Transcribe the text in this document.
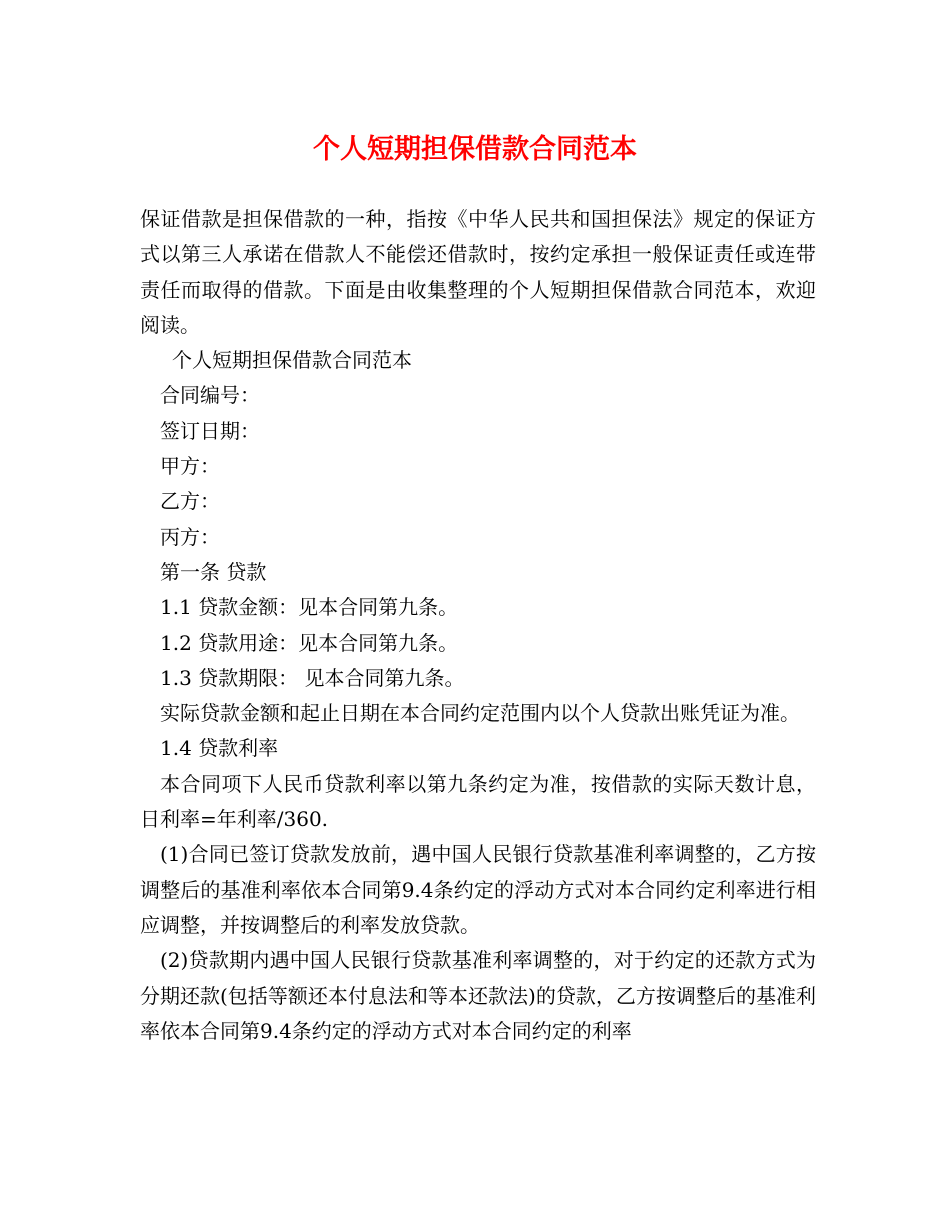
个人短期担保借款合同范本

保证借款是担保借款的一种，指按《中华人民共和国担保法》规定的保证方式以第三人承诺在借款人不能偿还借款时，按约定承担一般保证责任或连带责任而取得的借款。下面是由收集整理的个人短期担保借款合同范本，欢迎阅读。

个人短期担保借款合同范本

合同编号：

签订日期：

甲方：

乙方：

丙方：

第一条 贷款

1.1 贷款金额：见本合同第九条。

1.2 贷款用途：见本合同第九条。

1.3 贷款期限： 见本合同第九条。

实际贷款金额和起止日期在本合同约定范围内以个人贷款出账凭证为准。

1.4 贷款利率

本合同项下人民币贷款利率以第九条约定为准，按借款的实际天数计息，日利率=年利率/360.

(1)合同已签订贷款发放前，遇中国人民银行贷款基准利率调整的，乙方按调整后的基准利率依本合同第9.4条约定的浮动方式对本合同约定利率进行相应调整，并按调整后的利率发放贷款。

(2)贷款期内遇中国人民银行贷款基准利率调整的，对于约定的还款方式为分期还款(包括等额还本付息法和等本还款法)的贷款，乙方按调整后的基准利率依本合同第9.4条约定的浮动方式对本合同约定的利率
